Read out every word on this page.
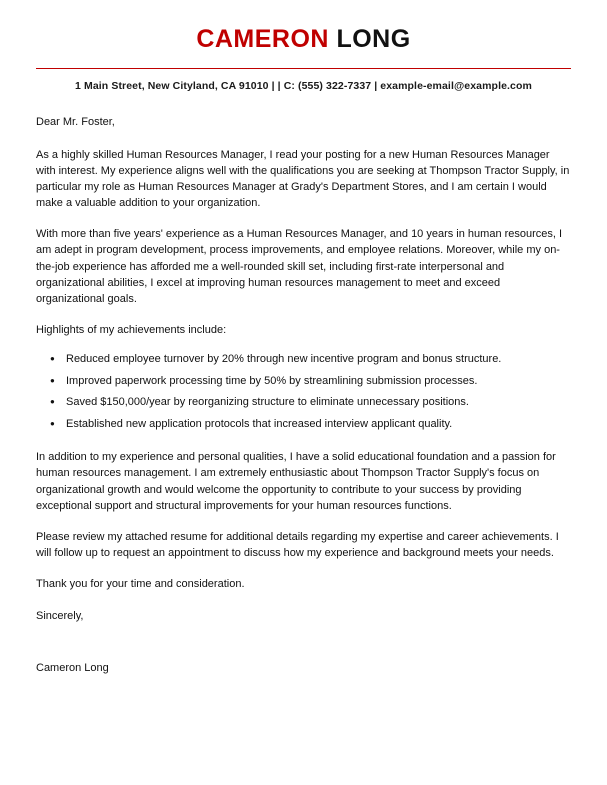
CAMERON LONG
1 Main Street, New Cityland, CA 91010 | | C: (555) 322-7337 | example-email@example.com

Dear Mr. Foster,

As a highly skilled Human Resources Manager, I read your posting for a new Human Resources Manager with interest. My experience aligns well with the qualifications you are seeking at Thompson Tractor Supply, in particular my role as Human Resources Manager at Grady's Department Stores, and I am certain I would make a valuable addition to your organization.

With more than five years' experience as a Human Resources Manager, and 10 years in human resources, I am adept in program development, process improvements, and employee relations. Moreover, while my on-the-job experience has afforded me a well-rounded skill set, including first-rate interpersonal and organizational abilities, I excel at improving human resources management to meet and exceed organizational goals.

Highlights of my achievements include:

● Reduced employee turnover by 20% through new incentive program and bonus structure.
● Improved paperwork processing time by 50% by streamlining submission processes.
● Saved $150,000/year by reorganizing structure to eliminate unnecessary positions.
● Established new application protocols that increased interview applicant quality.

In addition to my experience and personal qualities, I have a solid educational foundation and a passion for human resources management. I am extremely enthusiastic about Thompson Tractor Supply's focus on organizational growth and would welcome the opportunity to contribute to your success by providing exceptional support and structural improvements for your human resources functions.

Please review my attached resume for additional details regarding my expertise and career achievements. I will follow up to request an appointment to discuss how my experience and background meets your needs.

Thank you for your time and consideration.

Sincerely,

Cameron Long
